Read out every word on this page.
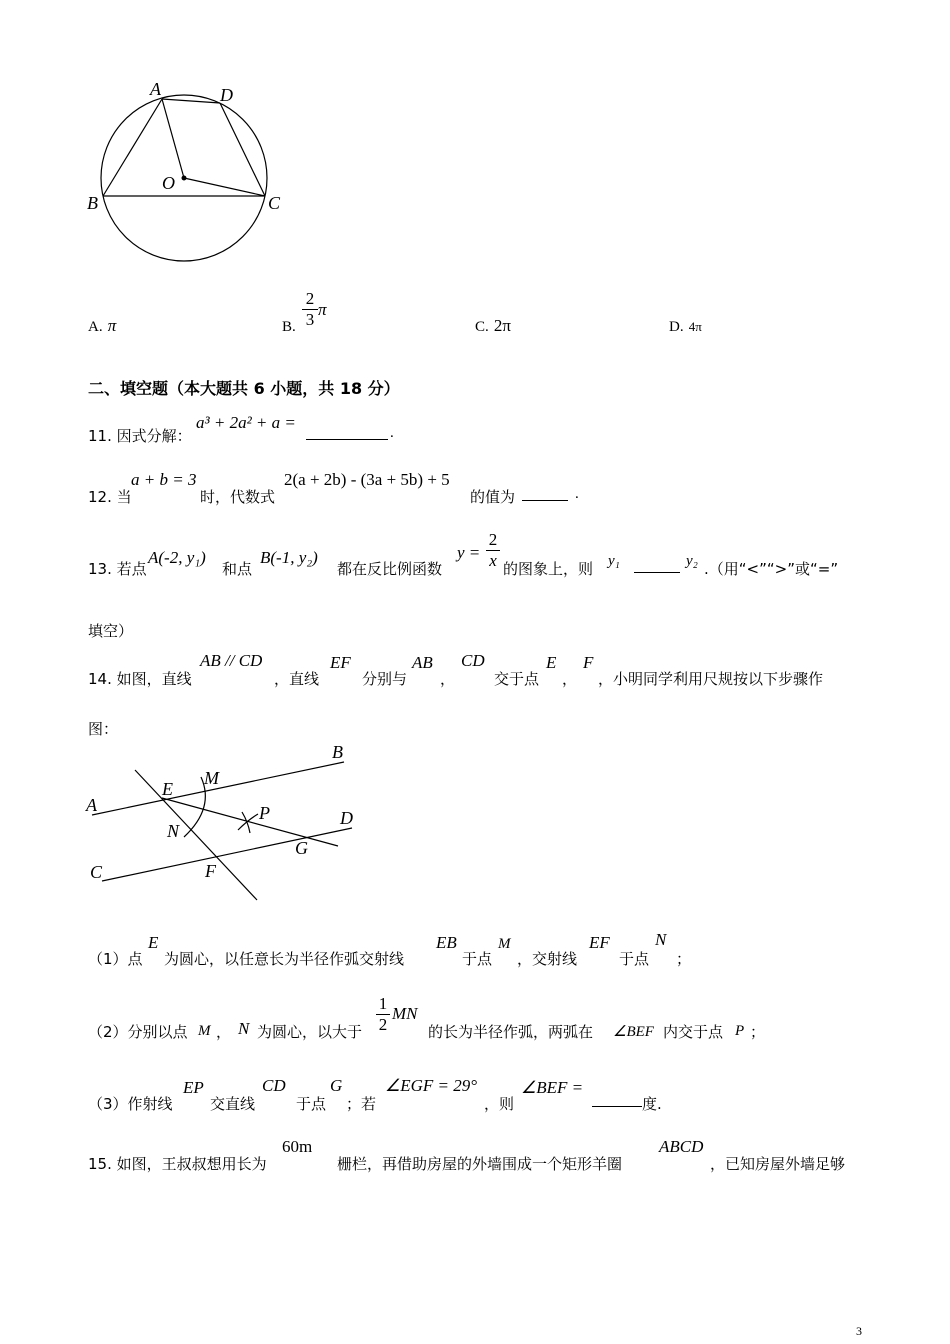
A	D
B	C
O
A. π	B. $\frac{2}{3}$ π
C. 2π	D. 4π
二、填空题（本大题共 6 小题，共 18 分）
11. 因式分解：
a³ + 2a² + a =
.
12. 当
a + b = 3
时，代数式
2(a + 2b) - (3a + 5b) + 5
的值为	.
13. 若点
A(-2, y₁)
和点
B(-1, y₂)
都在反比例函数
$y = \frac{2}{x}$ 的图象上，则 y₁	y₂ .（用“<”“>”或“=”
填空）
14. 如图，直线
AB // CD
，直线
EF
分别与
AB
，
CD
交于点
E
，
F
，小明同学利用尺规按以下步骤作
图：
A
B
C
D
E
F
G
M
N
P
（1）点
E
为圆心，以任意长为半径作弧交射线
EB
于点
M
，交射线
EF
于点
N
；
（2）分别以点 M ， N 为圆心，以大于 $\frac{1}{2}$ MN
的长为半径作弧，两弧在 ∠BEF 内交于点 P ；
（3）作射线
EP
交直线
CD
于点
G
；若
∠EGF = 29°
，则
∠BEF =
度.
15. 如图，王叔叔想用长为
60m
栅栏，再借助房屋的外墙围成一个矩形羊圈
ABCD
，已知房屋外墙足够
3
